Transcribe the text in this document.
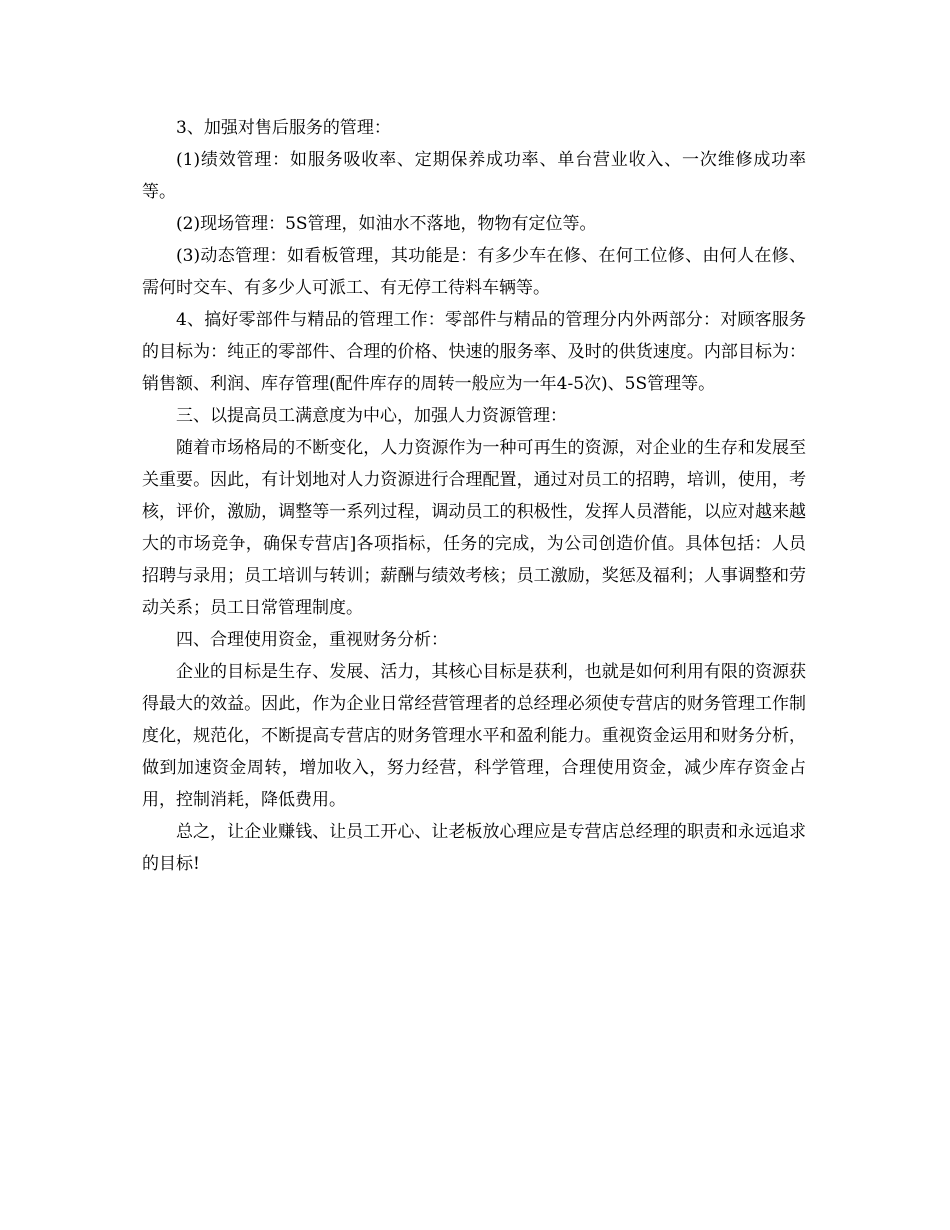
3、加强对售后服务的管理：

(1)绩效管理：如服务吸收率、定期保养成功率、单台营业收入、一次维修成功率等。

(2)现场管理：5S管理，如油水不落地，物物有定位等。

(3)动态管理：如看板管理，其功能是：有多少车在修、在何工位修、由何人在修、需何时交车、有多少人可派工、有无停工待料车辆等。

4、搞好零部件与精品的管理工作：零部件与精品的管理分内外两部分：对顾客服务的目标为：纯正的零部件、合理的价格、快速的服务率、及时的供货速度。内部目标为：销售额、利润、库存管理(配件库存的周转一般应为一年4-5次)、5S管理等。

三、以提高员工满意度为中心，加强人力资源管理：

随着市场格局的不断变化，人力资源作为一种可再生的资源，对企业的生存和发展至关重要。因此，有计划地对人力资源进行合理配置，通过对员工的招聘，培训，使用，考核，评价，激励，调整等一系列过程，调动员工的积极性，发挥人员潜能，以应对越来越大的市场竞争，确保专营店]各项指标，任务的完成，为公司创造价值。具体包括：人员招聘与录用；员工培训与转训；薪酬与绩效考核；员工激励，奖惩及福利；人事调整和劳动关系；员工日常管理制度。

四、合理使用资金，重视财务分析：

企业的目标是生存、发展、活力，其核心目标是获利，也就是如何利用有限的资源获得最大的效益。因此，作为企业日常经营管理者的总经理必须使专营店的财务管理工作制度化，规范化，不断提高专营店的财务管理水平和盈利能力。重视资金运用和财务分析，做到加速资金周转，增加收入，努力经营，科学管理，合理使用资金，减少库存资金占用，控制消耗，降低费用。

总之，让企业赚钱、让员工开心、让老板放心理应是专营店总经理的职责和永远追求的目标!
